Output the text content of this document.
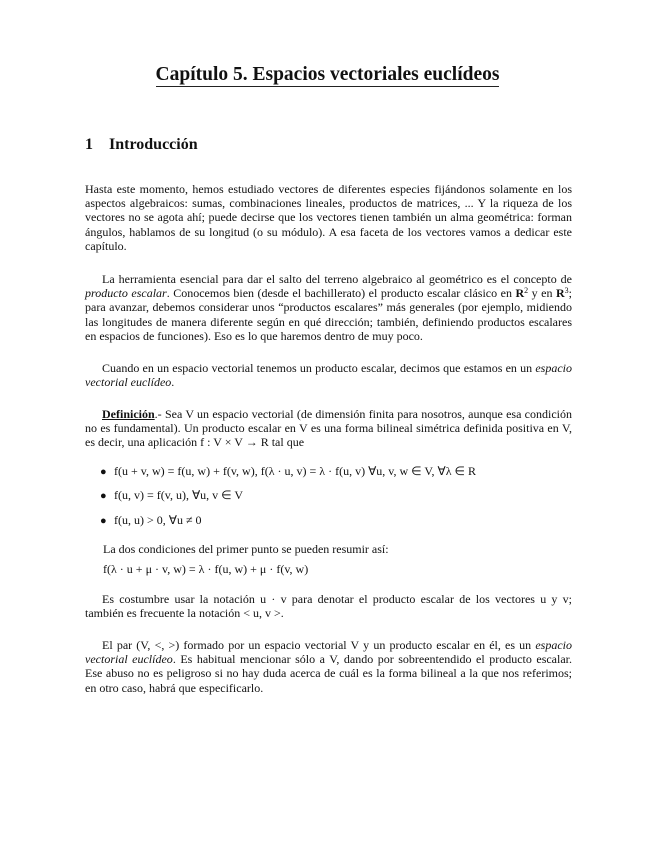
Capítulo 5. Espacios vectoriales euclídeos
1 Introducción

Hasta este momento, hemos estudiado vectores de diferentes especies fijándonos solamente en los aspectos algebraicos: sumas, combinaciones lineales, productos de matrices, ... Y la riqueza de los vectores no se agota ahí; puede decirse que los vectores tienen también un alma geométrica: forman ángulos, hablamos de su longitud (o su módulo). A esa faceta de los vectores vamos a dedicar este capítulo.

La herramienta esencial para dar el salto del terreno algebraico al geométrico es el concepto de producto escalar. Conocemos bien (desde el bachillerato) el producto escalar clásico en $R^2$ y en $R^3$; para avanzar, debemos considerar unos “productos escalares” más generales (por ejemplo, midiendo las longitudes de manera diferente según en qué dirección; también, definiendo productos escalares en espacios de funciones). Eso es lo que haremos dentro de muy poco.

Cuando en un espacio vectorial tenemos un producto escalar, decimos que estamos en un espacio vectorial euclídeo.

Definición.- Sea V un espacio vectorial (de dimensión finita para nosotros, aunque esa condición no es fundamental). Un producto escalar en V es una forma bilineal simétrica definida positiva en V, es decir, una aplicación f : V × V → R tal que

● f(u + v, w) = f(u, w) + f(v, w), f(λ · u, v) = λ · f(u, v) ∀u, v, w ∈ V, ∀λ ∈ R
● f(u, v) = f(v, u), ∀u, v ∈ V
● f(u, u) > 0, ∀u ≠ 0
La dos condiciones del primer punto se pueden resumir así:
f(λ · u + μ · v, w) = λ · f(u, w) + μ · f(v, w)

Es costumbre usar la notación u · v para denotar el producto escalar de los vectores u y v; también es frecuente la notación < u, v >.

El par (V, <, >) formado por un espacio vectorial V y un producto escalar en él, es un espacio vectorial euclídeo. Es habitual mencionar sólo a V, dando por sobreentendido el producto escalar. Ese abuso no es peligroso si no hay duda acerca de cuál es la forma bilineal a la que nos referimos; en otro caso, habrá que especificarlo.
